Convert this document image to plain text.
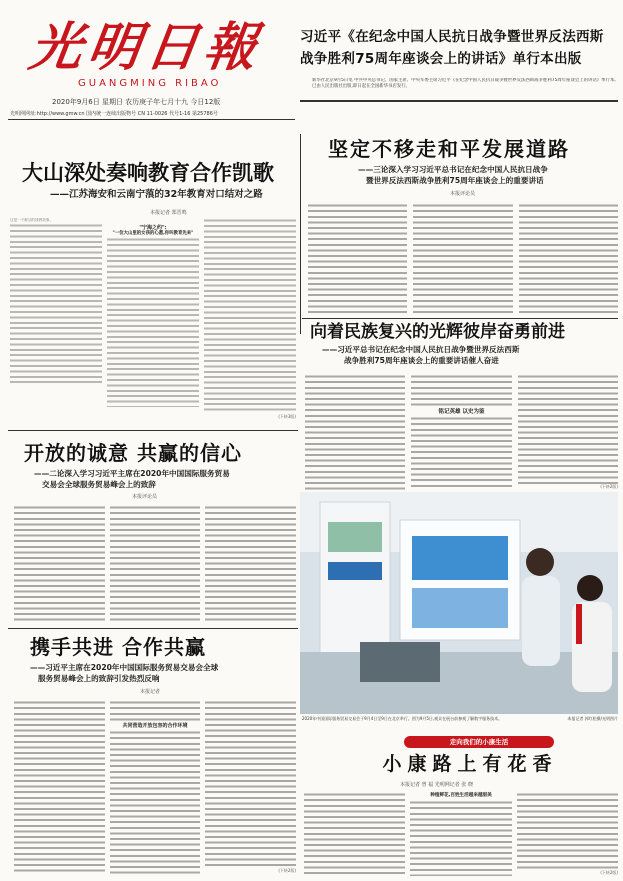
光明日報
GUANGMING RIBAO
2020年9月6日 星期日 农历庚子年七月十九 今日12版
光明网网址:http://www.gmw.cn 国内统一连续出版物号 CN 11-0026 代号1-16 第25786号
习近平《在纪念中国人民抗日战争暨世界反法西斯
战争胜利75周年座谈会上的讲话》单行本出版
新华社北京9月5日电 中共中央总书记、国家主席、中央军委主席习近平《在纪念中国人民抗日战争暨世界反法西斯战争胜利75周年座谈会上的讲话》单行本,已由人民出版社出版,即日起在全国新华书店发行。
大山深处奏响教育合作凯歌
——江苏海安和云南宁蒗的32年教育对口结对之路
本报记者 郑晋鸣
这是一个鲜活的援教故事。
"宁海之约":
"一位大山里的女孩的心愿,你叫教育先来"
(下转3版)
坚定不移走和平发展道路
——三论深入学习习近平总书记在纪念中国人民抗日战争
暨世界反法西斯战争胜利75周年座谈会上的重要讲话
本报评论员
向着民族复兴的光辉彼岸奋勇前进
——习近平总书记在纪念中国人民抗日战争暨世界反法西斯
战争胜利75周年座谈会上的重要讲话催人奋进
铭记英雄 以史为鉴
(下转2版)
开放的诚意 共赢的信心
——二论深入学习习近平主席在2020年中国国际服务贸易
交易会全球服务贸易峰会上的致辞
本报评论员
2020年中国国际服务贸易交易会于9月4日至9日在北京举行。图为9月5日,观众在展台前参观了解数字服务技术。	本报记者 郭红松摄/光明图片
携手共进 合作共赢
——习近平主席在2020年中国国际服务贸易交易会全球
服务贸易峰会上的致辞引发热烈反响
本报记者
共同营造开放包容的合作环境
(下转2版)
走向我们的小康生活
小康路上有花香
本报记者 曾 福 光明网记者 张 晓
种植鲜花,百姓生活越来越甜美
(下转2版)
